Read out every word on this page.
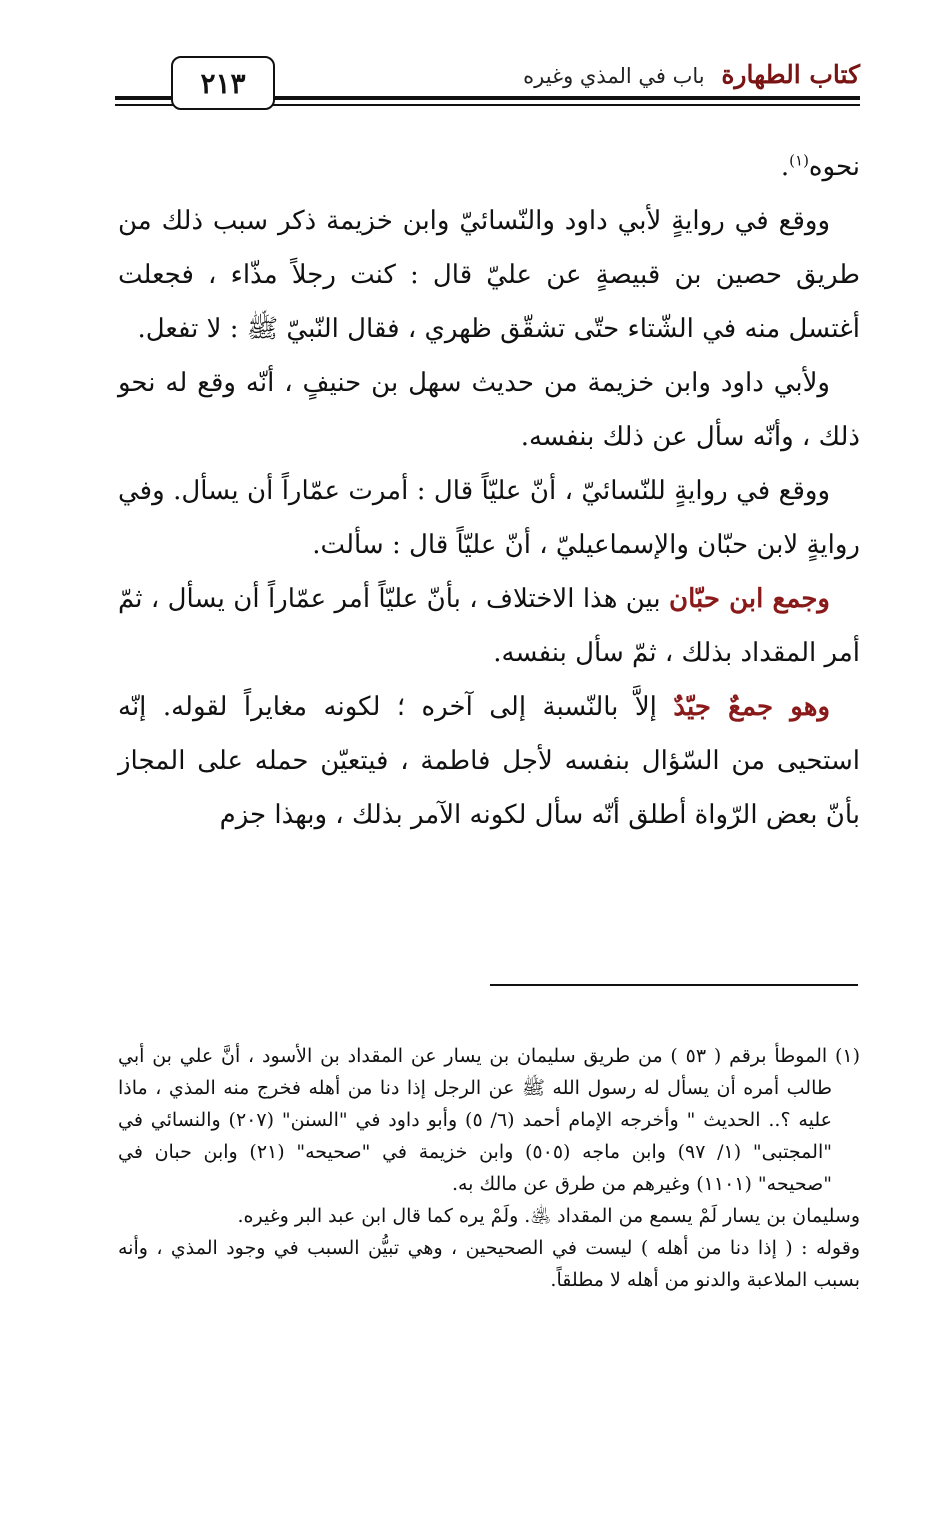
٢١٣	كتاب الطهارة باب في المذي وغيره

نحوه$^{(١)}$.

ووقع في روايةٍ لأبي داود والنّسائيّ وابن خزيمة ذكر سبب ذلك من طريق حصين بن قبيصةٍ عن عليّ قال : كنت رجلاً مذّاء ، فجعلت أغتسل منه في الشّتاء حتّى تشقّق ظهري ، فقال النّبيّ ﷺ : لا تفعل.

ولأبي داود وابن خزيمة من حديث سهل بن حنيفٍ ، أنّه وقع له نحو ذلك ، وأنّه سأل عن ذلك بنفسه.

ووقع في روايةٍ للنّسائيّ ، أنّ عليّاً قال : أمرت عمّاراً أن يسأل. وفي روايةٍ لابن حبّان والإسماعيليّ ، أنّ عليّاً قال : سألت.

وجمع ابن حبّان بين هذا الاختلاف ، بأنّ عليّاً أمر عمّاراً أن يسأل ، ثمّ أمر المقداد بذلك ، ثمّ سأل بنفسه.

وهو جمعٌ جيّدٌ إلاَّ بالنّسبة إلى آخره ؛ لكونه مغايراً لقوله. إنّه استحيى من السّؤال بنفسه لأجل فاطمة ، فيتعيّن حمله على المجاز بأنّ بعض الرّواة أطلق أنّه سأل لكونه الآمر بذلك ، وبهذا جزم

(١) الموطأ برقم ( ٥٣ ) من طريق سليمان بن يسار عن المقداد بن الأسود ، أنَّ علي بن أبي طالب أمره أن يسأل له رسول الله ﷺ عن الرجل إذا دنا من أهله فخرج منه المذي ، ماذا عليه ؟.. الحديث " وأخرجه الإمام أحمد (٦/ ٥) وأبو داود في "السنن" (٢٠٧) والنسائي في "المجتبى" (١/ ٩٧) وابن ماجه (٥٠٥) وابن خزيمة في "صحيحه" (٢١) وابن حبان في "صحيحه" (١١٠١) وغيرهم من طرق عن مالك به.

وسليمان بن يسار لَمْ يسمع من المقداد ﵁. ولَمْ يره كما قال ابن عبد البر وغيره.

وقوله : ( إذا دنا من أهله ) ليست في الصحيحين ، وهي تبيُّن السبب في وجود المذي ، وأنه بسبب الملاعبة والدنو من أهله لا مطلقاً.
